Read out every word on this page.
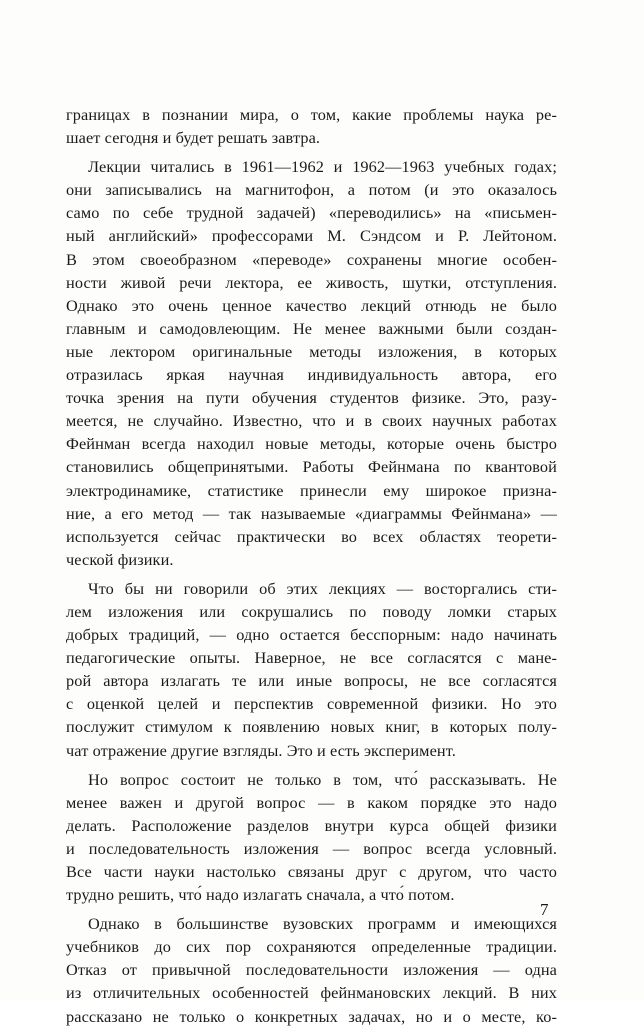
границах в познании мира, о том, какие проблемы наука ре-
шает сегодня и будет решать завтра.
Лекции читались в 1961—1962 и 1962—1963 учебных годах;
они записывались на магнитофон, а потом (и это оказалось
само по себе трудной задачей) «переводились» на «письмен-
ный английский» профессорами М. Сэндсом и Р. Лейтоном.
В этом своеобразном «переводе» сохранены многие особен-
ности живой речи лектора, ее живость, шутки, отступления.
Однако это очень ценное качество лекций отнюдь не было
главным и самодовлеющим. Не менее важными были создан-
ные лектором оригинальные методы изложения, в которых
отразилась яркая научная индивидуальность автора, его
точка зрения на пути обучения студентов физике. Это, разу-
меется, не случайно. Известно, что и в своих научных работах
Фейнман всегда находил новые методы, которые очень быстро
становились общепринятыми. Работы Фейнмана по квантовой
электродинамике, статистике принесли ему широкое призна-
ние, а его метод — так называемые «диаграммы Фейнмана» —
используется сейчас практически во всех областях теорети-
ческой физики.
Что бы ни говорили об этих лекциях — восторгались сти-
лем изложения или сокрушались по поводу ломки старых
добрых традиций, — одно остается бесспорным: надо начинать
педагогические опыты. Наверное, не все согласятся с мане-
рой автора излагать те или иные вопросы, не все согласятся
с оценкой целей и перспектив современной физики. Но это
послужит стимулом к появлению новых книг, в которых полу-
чат отражение другие взгляды. Это и есть эксперимент.
Но вопрос состоит не только в том, что́ рассказывать. Не
менее важен и другой вопрос — в каком порядке это надо
делать. Расположение разделов внутри курса общей физики
и последовательность изложения — вопрос всегда условный.
Все части науки настолько связаны друг с другом, что часто
трудно решить, что́ надо излагать сначала, а что́ потом.
Однако в большинстве вузовских программ и имеющихся
учебников до сих пор сохраняются определенные традиции.
Отказ от привычной последовательности изложения — одна
из отличительных особенностей фейнмановских лекций. В них
рассказано не только о конкретных задачах, но и о месте, ко-
7
